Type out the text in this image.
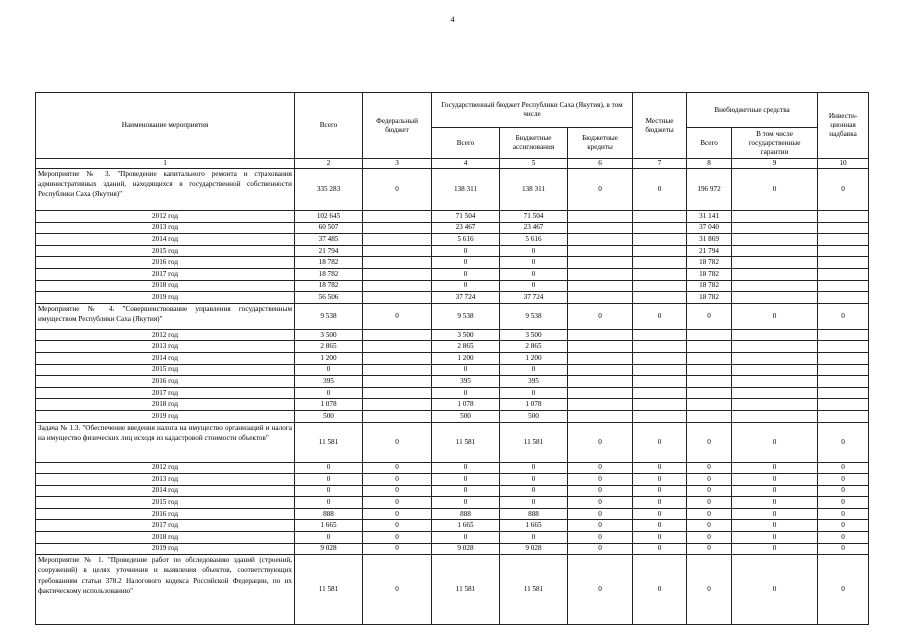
4
Наименование мероприятия	Всего	Федеральный бюджет	Государственный бюджет Республики Саха (Якутия), в том числе			Местные бюджеты	Внебюджетные средства		Инвести-ционная надбавка
			Всего	Бюджетные ассигнования	Бюджетные кредиты		Всего	В том числе государственные гарантии	
1	2	3	4	5	6	7	8	9	10
Мероприятие № 3. "Проведение капитального ремонта и страхования административных зданий, находящихся в государственной собственности Республики Саха (Якутия)"	335 283	0	138 311	138 311	0	0	196 972	0	0
2012 год	102 645		71 504	71 504			31 141		
2013 год	60 507		23 467	23 467			37 040		
2014 год	37 485		5 616	5 616			31 869		
2015 год	21 794		0	0			21 794		
2016 год	18 782		0	0			18 782		
2017 год	18 782		0	0			18 782		
2018 год	18 782		0	0			18 782		
2019 год	56 506		37 724	37 724			18 782		
Мероприятие № 4. "Совершенствование управления государственным имуществом Республики Саха (Якутия)"	9 538	0	9 538	9 538	0	0	0	0	0
2012 год	3 500		3 500	3 500					
2013 год	2 865		2 865	2 865					
2014 год	1 200		1 200	1 200					
2015 год	0		0	0					
2016 год	395		395	395					
2017 год	0		0	0					
2018 год	1 078		1 078	1 078					
2019 год	500		500	500					
Задача № 1.3. "Обеспечение введения налога на имущество организаций и налога на имущество физических лиц исходя из кадастровой стоимости объектов"	11 581	0	11 581	11 581	0	0	0	0	0
2012 год	0	0	0	0	0	0	0	0	0
2013 год	0	0	0	0	0	0	0	0	0
2014 год	0	0	0	0	0	0	0	0	0
2015 год	0	0	0	0	0	0	0	0	0
2016 год	888	0	888	888	0	0	0	0	0
2017 год	1 665	0	1 665	1 665	0	0	0	0	0
2018 год	0	0	0	0	0	0	0	0	0
2019 год	9 028	0	9 028	9 028	0	0	0	0	0
Мероприятие № 1. "Проведение работ по обследованию зданий (строений, сооружений) в целях уточнения и выявления объектов, соответствующих требованиям статьи 378.2 Налогового кодекса Российской Федерации, по их фактическому использованию"	11 581	0	11 581	11 581	0	0	0	0	0
